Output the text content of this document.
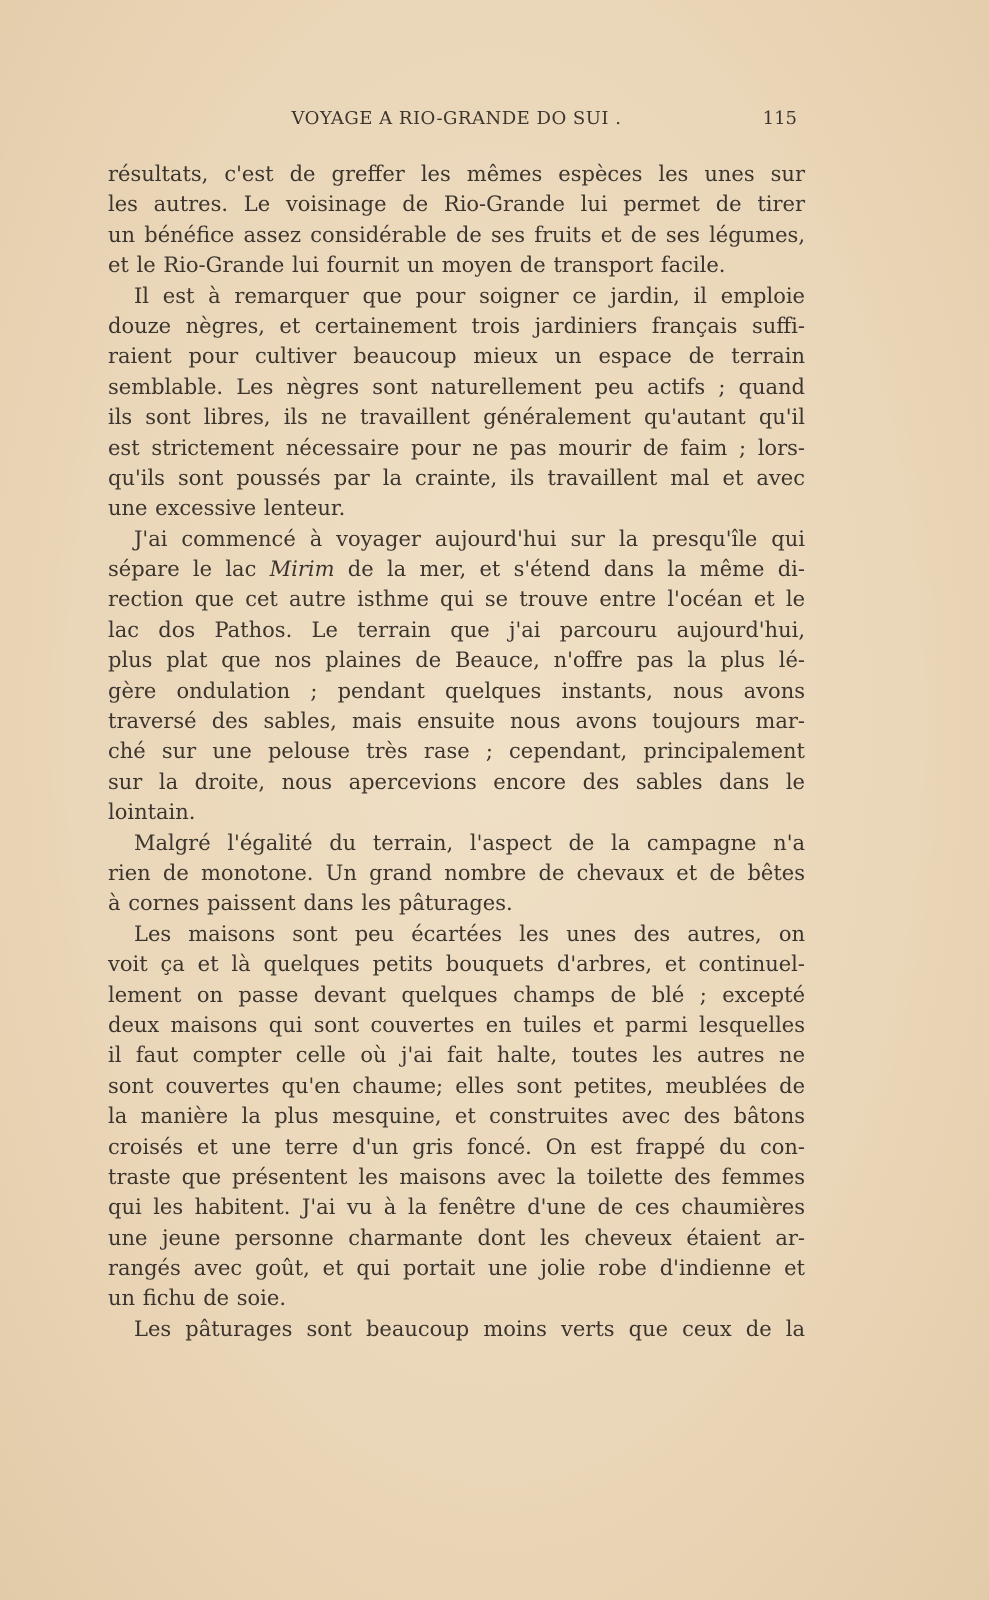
VOYAGE A RIO-GRANDE DO SUI .	115
résultats, c'est de greffer les mêmes espèces les unes sur
les autres. Le voisinage de Rio-Grande lui permet de tirer
un bénéfice assez considérable de ses fruits et de ses légumes,
et le Rio-Grande lui fournit un moyen de transport facile.
Il est à remarquer que pour soigner ce jardin, il emploie
douze nègres, et certainement trois jardiniers français suffi-
raient pour cultiver beaucoup mieux un espace de terrain
semblable. Les nègres sont naturellement peu actifs ; quand
ils sont libres, ils ne travaillent généralement qu'autant qu'il
est strictement nécessaire pour ne pas mourir de faim ; lors-
qu'ils sont poussés par la crainte, ils travaillent mal et avec
une excessive lenteur.
J'ai commencé à voyager aujourd'hui sur la presqu'île qui
sépare le lac Mirim de la mer, et s'étend dans la même di-
rection que cet autre isthme qui se trouve entre l'océan et le
lac dos Pathos. Le terrain que j'ai parcouru aujourd'hui,
plus plat que nos plaines de Beauce, n'offre pas la plus lé-
gère ondulation ; pendant quelques instants, nous avons
traversé des sables, mais ensuite nous avons toujours mar-
ché sur une pelouse très rase ; cependant, principalement
sur la droite, nous apercevions encore des sables dans le
lointain.
Malgré l'égalité du terrain, l'aspect de la campagne n'a
rien de monotone. Un grand nombre de chevaux et de bêtes
à cornes paissent dans les pâturages.
Les maisons sont peu écartées les unes des autres, on
voit ça et là quelques petits bouquets d'arbres, et continuel-
lement on passe devant quelques champs de blé ; excepté
deux maisons qui sont couvertes en tuiles et parmi lesquelles
il faut compter celle où j'ai fait halte, toutes les autres ne
sont couvertes qu'en chaume; elles sont petites, meublées de
la manière la plus mesquine, et construites avec des bâtons
croisés et une terre d'un gris foncé. On est frappé du con-
traste que présentent les maisons avec la toilette des femmes
qui les habitent. J'ai vu à la fenêtre d'une de ces chaumières
une jeune personne charmante dont les cheveux étaient ar-
rangés avec goût, et qui portait une jolie robe d'indienne et
un fichu de soie.
Les pâturages sont beaucoup moins verts que ceux de la
